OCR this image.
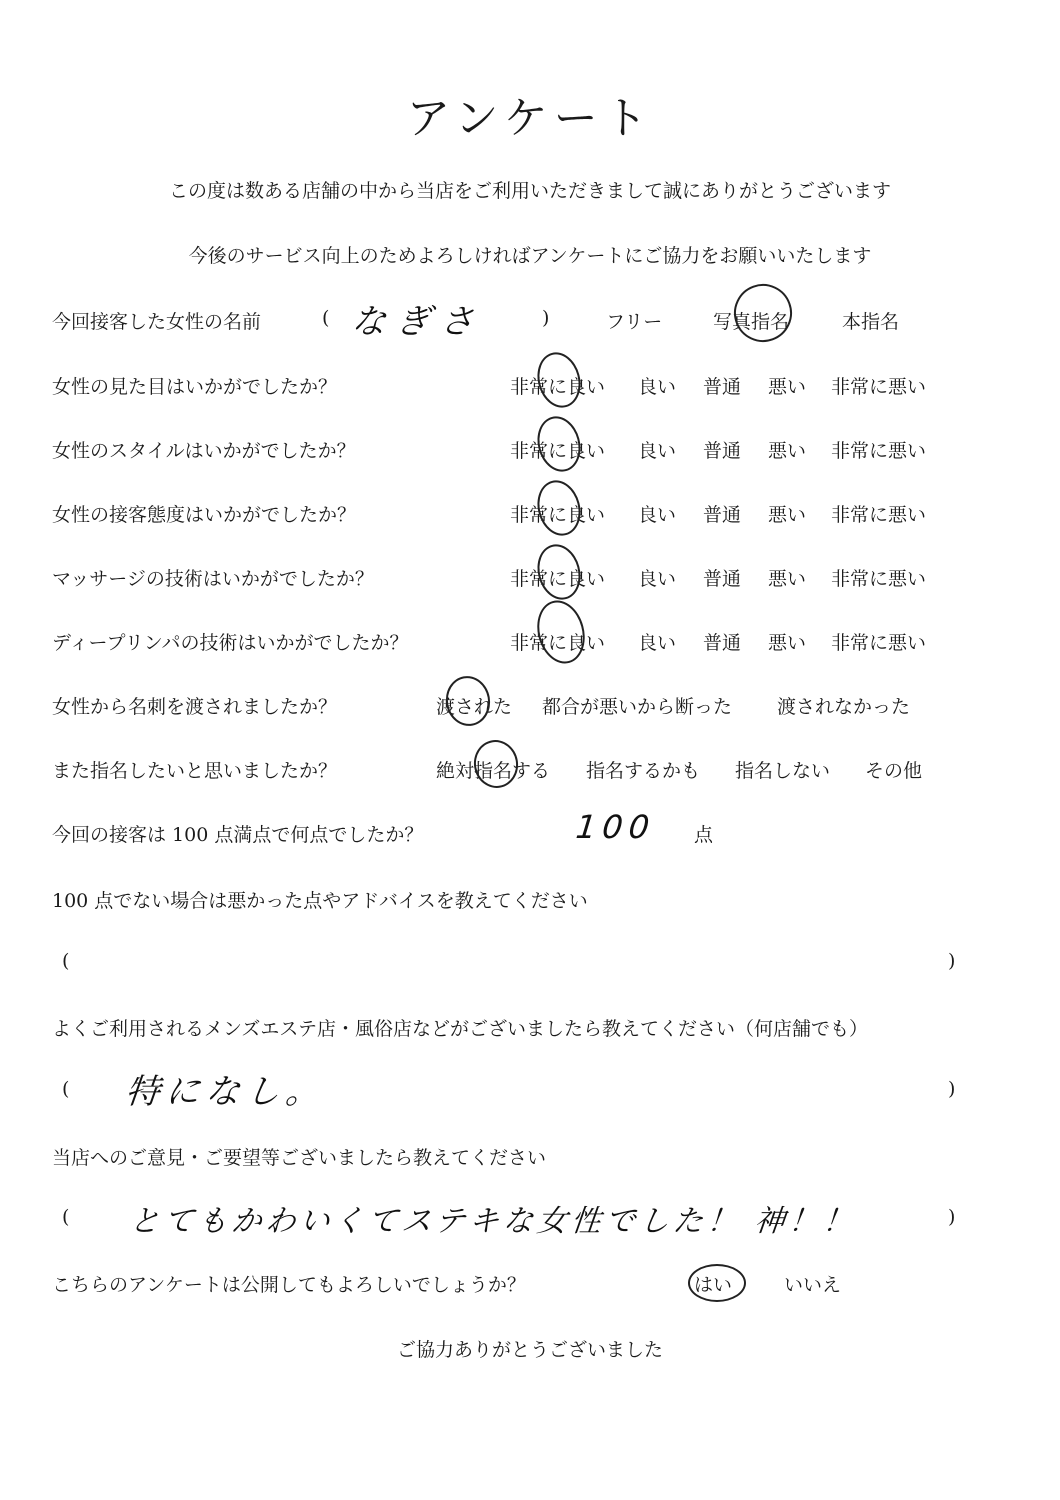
アンケート
この度は数ある店舗の中から当店をご利用いただきまして誠にありがとうございます
今後のサービス向上のためよろしければアンケートにご協力をお願いいたします
今回接客した女性の名前	( なぎさ	)	フリー	写真指名	本指名
女性の見た目はいかがでしたか？	非常に良い 良い 普通 悪い 非常に悪い
女性のスタイルはいかがでしたか？	非常に良い 良い 普通 悪い 非常に悪い
女性の接客態度はいかがでしたか？	非常に良い 良い 普通 悪い 非常に悪い
マッサージの技術はいかがでしたか？	非常に良い 良い 普通 悪い 非常に悪い
ディープリンパの技術はいかがでしたか？	非常に良い 良い 普通 悪い 非常に悪い
女性から名刺を渡されましたか？	渡された 都合が悪いから断った 渡されなかった
また指名したいと思いましたか？	絶対指名する 指名するかも 指名しない その他
今回の接客は 100 点満点で何点でしたか？	100 点
100 点でない場合は悪かった点やアドバイスを教えてください
(	)
よくご利用されるメンズエステ店・風俗店などがございましたら教えてください（何店舗でも）
( 特になし。	)
当店へのご意見・ご要望等ございましたら教えてください
( とてもかわいくてステキな女性でした！ 神！！	)
こちらのアンケートは公開してもよろしいでしょうか？	はい	いいえ
ご協力ありがとうございました
